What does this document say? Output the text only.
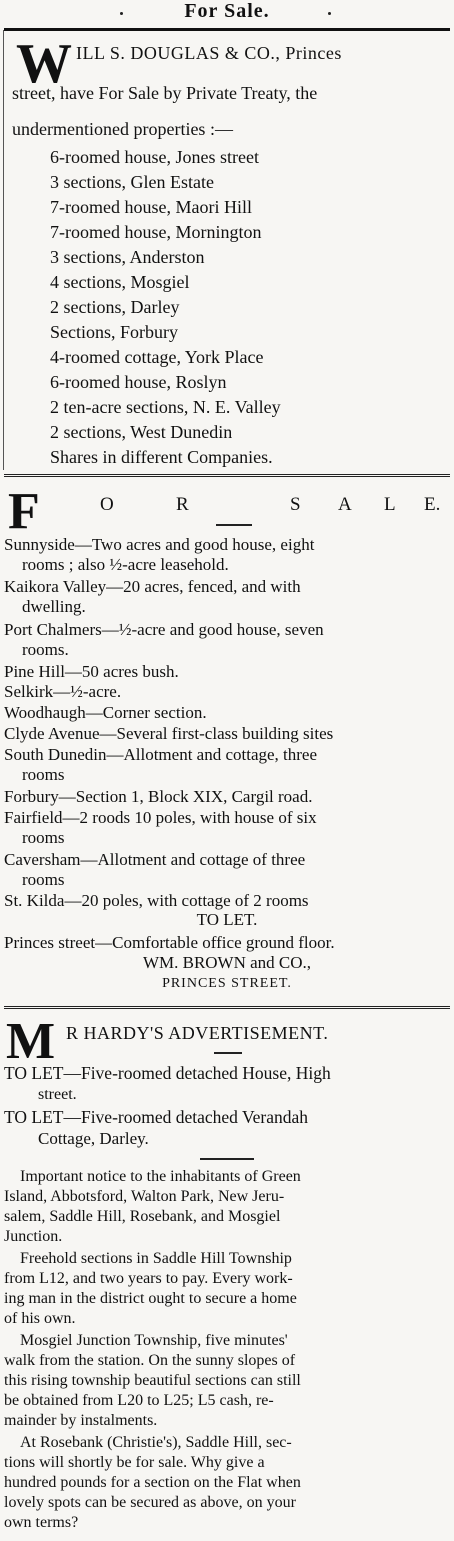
For Sale.
W ILL S. DOUGLAS & CO., Princes
street, have For Sale by Private Treaty, the
undermentioned properties :—
6-roomed house, Jones street
3 sections, Glen Estate
7-roomed house, Maori Hill
7-roomed house, Mornington
3 sections, Anderston
4 sections, Mosgiel
2 sections, Darley
Sections, Forbury
4-roomed cottage, York Place
6-roomed house, Roslyn
2 ten-acre sections, N. E. Valley
2 sections, West Dunedin
Shares in different Companies.
F	O	R	S A L E.
Sunnyside—Two acres and good house, eight
rooms ; also ½-acre leasehold.
Kaikora Valley—20 acres, fenced, and with
dwelling.
Port Chalmers—½-acre and good house, seven
rooms.
Pine Hill—50 acres bush.
Selkirk—½-acre.
Woodhaugh—Corner section.
Clyde Avenue—Several first-class building sites
South Dunedin—Allotment and cottage, three
rooms
Forbury—Section 1, Block XIX, Cargil road.
Fairfield—2 roods 10 poles, with house of six
rooms
Caversham—Allotment and cottage of three
rooms
St. Kilda—20 poles, with cottage of 2 rooms
TO LET.
Princes street—Comfortable office ground floor.
WM. BROWN and CO.,
PRINCES STREET.
M R HARDY'S ADVERTISEMENT.
TO LET—Five-roomed detached House, High
street.
TO LET—Five-roomed detached Verandah
Cottage, Darley.
Important notice to the inhabitants of Green
Island, Abbotsford, Walton Park, New Jeru-
salem, Saddle Hill, Rosebank, and Mosgiel
Junction.
Freehold sections in Saddle Hill Township
from L12, and two years to pay. Every work-
ing man in the district ought to secure a home
of his own.
Mosgiel Junction Township, five minutes'
walk from the station. On the sunny slopes of
this rising township beautiful sections can still
be obtained from L20 to L25; L5 cash, re-
mainder by instalments.
At Rosebank (Christie's), Saddle Hill, sec-
tions will shortly be for sale. Why give a
hundred pounds for a section on the Flat when
lovely spots can be secured as above, on your
own terms?
